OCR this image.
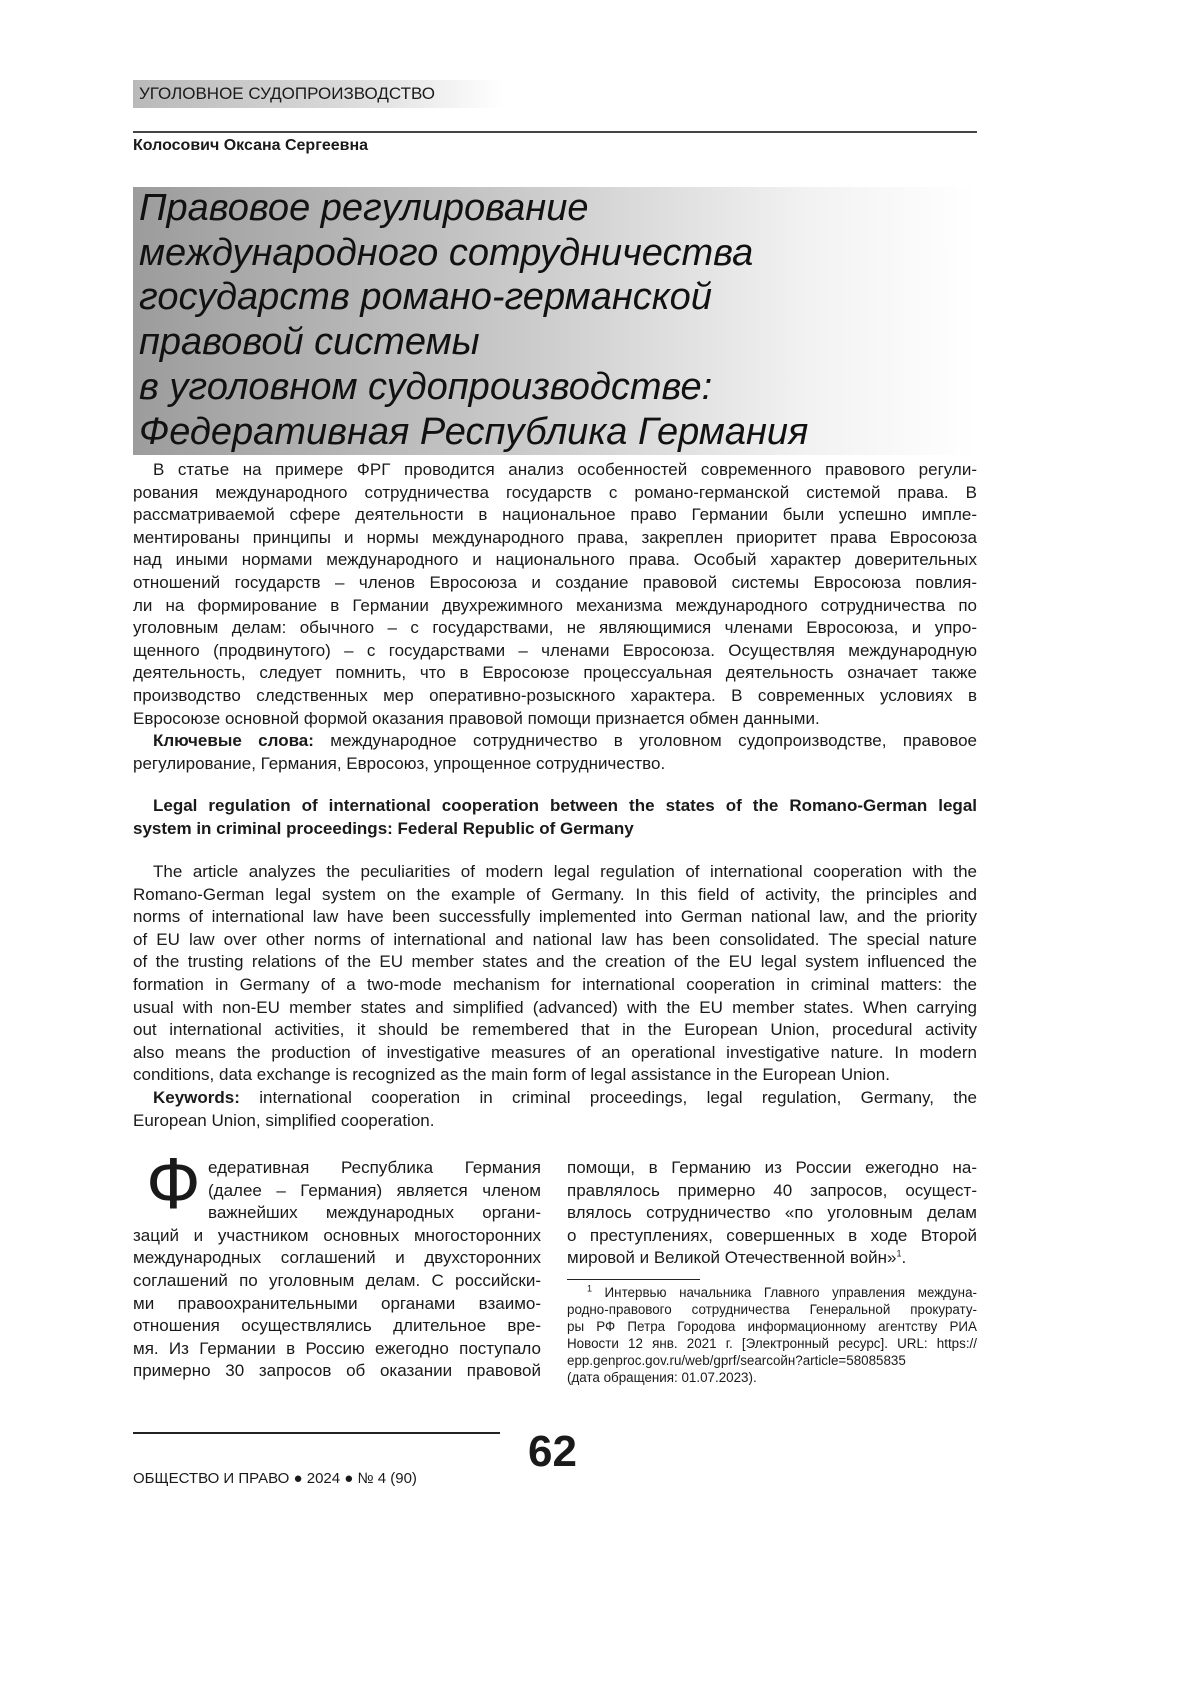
УГОЛОВНОЕ СУДОПРОИЗВОДСТВО
Колосович Оксана Сергеевна
Правовое регулирование
международного сотрудничества
государств романо-германской
правовой системы
в уголовном судопроизводстве:
Федеративная Республика Германия
В статье на примере ФРГ проводится анализ особенностей современного правового регули-
рования международного сотрудничества государств с романо-германской системой права. В
рассматриваемой сфере деятельности в национальное право Германии были успешно импле-
ментированы принципы и нормы международного права, закреплен приоритет права Евросоюза
над иными нормами международного и национального права. Особый характер доверительных
отношений государств – членов Евросоюза и создание правовой системы Евросоюза повлия-
ли на формирование в Германии двухрежимного механизма международного сотрудничества по
уголовным делам: обычного – с государствами, не являющимися членами Евросоюза, и упро-
щенного (продвинутого) – с государствами – членами Евросоюза. Осуществляя международную
деятельность, следует помнить, что в Евросоюзе процессуальная деятельность означает также
производство следственных мер оперативно-розыскного характера. В современных условиях в
Евросоюзе основной формой оказания правовой помощи признается обмен данными.
Ключевые слова: международное сотрудничество в уголовном судопроизводстве, правовое
регулирование, Германия, Евросоюз, упрощенное сотрудничество.
Legal regulation of international cooperation between the states of the Romano-German legal
system in criminal proceedings: Federal Republic of Germany
The article analyzes the peculiarities of modern legal regulation of international cooperation with the
Romano-German legal system on the example of Germany. In this field of activity, the principles and
norms of international law have been successfully implemented into German national law, and the priority
of EU law over other norms of international and national law has been consolidated. The special nature
of the trusting relations of the EU member states and the creation of the EU legal system influenced the
formation in Germany of a two-mode mechanism for international cooperation in criminal matters: the
usual with non-EU member states and simplified (advanced) with the EU member states. When carrying
out international activities, it should be remembered that in the European Union, procedural activity
also means the production of investigative measures of an operational investigative nature. In modern
conditions, data exchange is recognized as the main form of legal assistance in the European Union.
Keywords: international cooperation in criminal proceedings, legal regulation, Germany, the
European Union, simplified cooperation.
Ф едеративная Республика Германия
(далее – Германия) является членом
важнейших международных органи-
заций и участником основных многосторонних
международных соглашений и двухсторонних
соглашений по уголовным делам. С российски-
ми правоохранительными органами взаимо-
отношения осуществлялись длительное вре-
мя. Из Германии в Россию ежегодно поступало
примерно 30 запросов об оказании правовой
помощи, в Германию из России ежегодно на-
правлялось примерно 40 запросов, осущест-
влялось сотрудничество «по уголовным делам
о преступлениях, совершенных в ходе Второй
мировой и Великой Отечественной войн»1.
1 Интервью начальника Главного управления междуна-
родно-правового сотрудничества Генеральной прокурату-
ры РФ Петра Городова информационному агентству РИА
Новости 12 янв. 2021 г. [Электронный ресурс]. URL: https://
epp.genproc.gov.ru/web/gprf/searcойн?article=58085835
(дата обращения: 01.07.2023).
62
ОБЩЕСТВО И ПРАВО ● 2024 ● № 4 (90)
